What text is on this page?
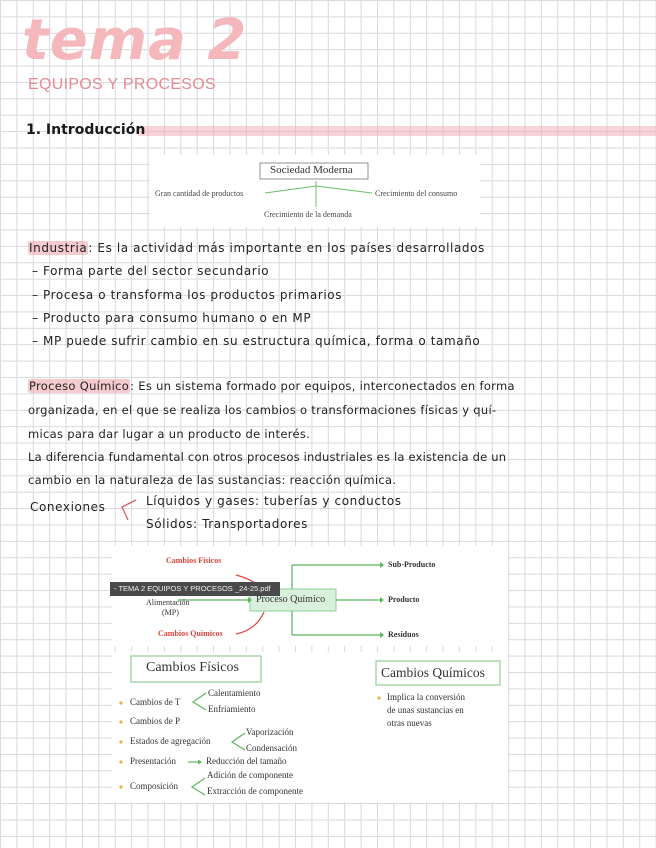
tema 2
EQUIPOS Y PROCESOS
1. Introducción
Sociedad Moderna
Gran cantidad de productos	Crecimiento del consumo
Crecimiento de la demanda
Industria: Es la actividad más importante en los países desarrollados
– Forma parte del sector secundario
– Procesa o transforma los productos primarios
– Producto para consumo humano o en MP
– MP puede sufrir cambio en su estructura química, forma o tamaño
Proceso Químico: Es un sistema formado por equipos, interconectados en forma
organizada, en el que se realiza los cambios o transformaciones físicas y quí-
micas para dar lugar a un producto de interés.
La diferencia fundamental con otros procesos industriales es la existencia de un
cambio en la naturaleza de las sustancias: reacción química.
Conexiones	Líquidos y gases: tuberías y conductos
Sólidos: Transportadores
Cambios Físicos
- TEMA 2 EQUIPOS Y PROCESOS _24-25.pdf
Alimentación
(MP)
Cambios Químicos
Proceso Químico
Sub-Producto
Producto
Residuos
Cambios Físicos	Cambios Químicos
Cambios de T
Calentamiento
Enfriamiento
Cambios de P
Estados de agregación
Vaporización
Condensación
Presentación	Reducción del tamaño
Composición
Adición de componente
Extracción de componente
Implica la conversión
de unas sustancias en
otras nuevas
